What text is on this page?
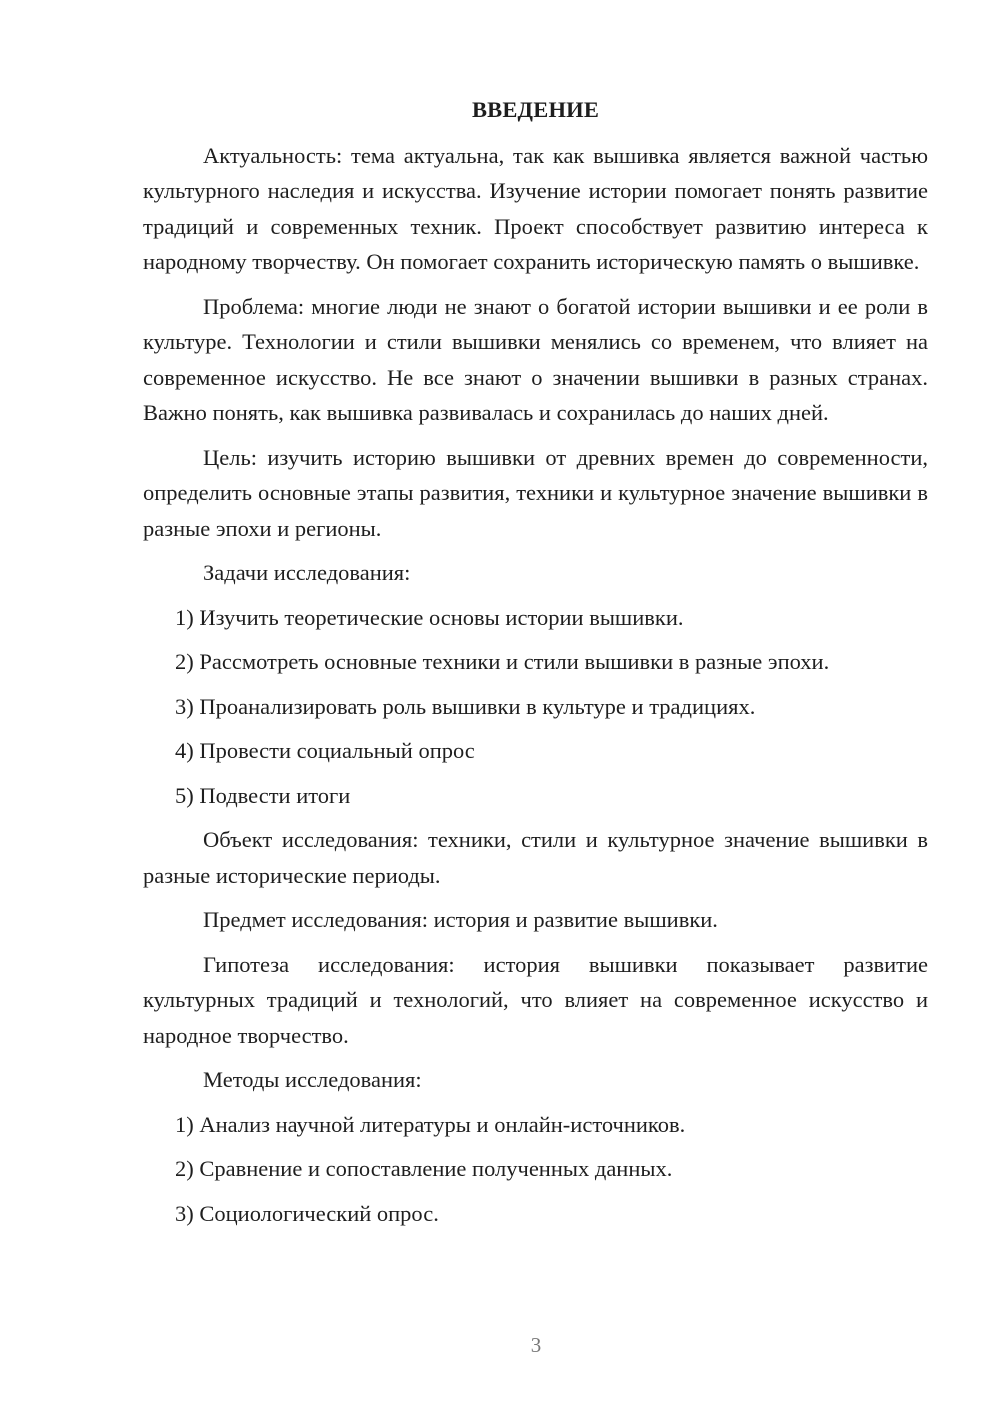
ВВЕДЕНИЕ

Актуальность: тема актуальна, так как вышивка является важной частью культурного наследия и искусства. Изучение истории помогает понять развитие традиций и современных техник. Проект способствует развитию интереса к народному творчеству. Он помогает сохранить историческую память о вышивке.

Проблема: многие люди не знают о богатой истории вышивки и ее роли в культуре. Технологии и стили вышивки менялись со временем, что влияет на современное искусство. Не все знают о значении вышивки в разных странах. Важно понять, как вышивка развивалась и сохранилась до наших дней.

Цель: изучить историю вышивки от древних времен до современности, определить основные этапы развития, техники и культурное значение вышивки в разные эпохи и регионы.

Задачи исследования:

1) Изучить теоретические основы истории вышивки.

2) Рассмотреть основные техники и стили вышивки в разные эпохи.

3) Проанализировать роль вышивки в культуре и традициях.

4) Провести социальный опрос

5) Подвести итоги

Объект исследования: техники, стили и культурное значение вышивки в разные исторические периоды.

Предмет исследования: история и развитие вышивки.

Гипотеза исследования: история вышивки показывает развитие культурных традиций и технологий, что влияет на современное искусство и народное творчество.

Методы исследования:

1) Анализ научной литературы и онлайн-источников.

2) Сравнение и сопоставление полученных данных.

3) Социологический опрос.

3
